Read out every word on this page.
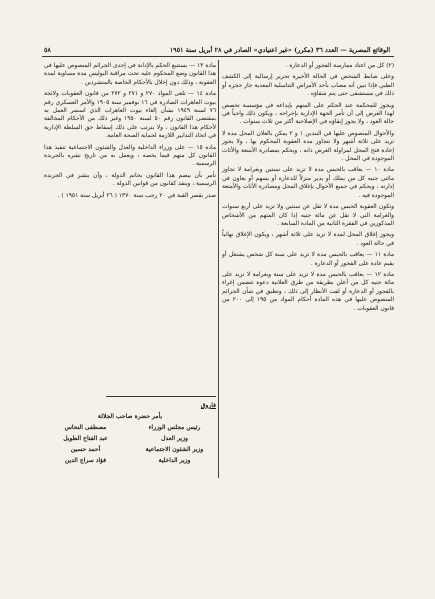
الوقائع المصرية — العدد ٣٦ (مكرر) «غير اعتيادي» الصادر في ٢٨ أبريل سنة ١٩٥١
٥٨

(٢) كل من اعتاد ممارسة الفجور أو الدعارة .

وعلى ضابط الشخص في الحالة الأخيرة تحرير إرسالية إلى الكشف الطبي فإذا تبين أنه مصاب بأحد الأمراض التناسلية المعدية جاز حجزه أو ذلك في مستشفى حتى يتم شفاؤه .

ويجوز للمحكمة عند الحكم على المتهم بإيداعه في مؤسسة تخصص لهذا الغرض إلى أن تأمر الجهة الإدارية بإخراجه ، ويكون ذلك واجباً في حالة العود ، ولا يجوز إبقاؤه في الإصلاحية أكثر من ثلاث سنوات .

والأحوال المنصوص عليها في البندين ١ و ٢ يمكن بالعلان المحل مدة لا تزيد على ثلاثة أشهر ولا تتجاوز مدة العقوبة المحكوم بها ، ولا يجوز إعادة فتح المحل لمزاولة الغرض ذاته ، ويحكم بمصادرة الأمتعة والأثاث الموجودة في المحل .

مادة ١٠ — يعاقب بالحبس مدة لا تزيد على سنتين وبغرامة لا تجاوز مائتي جنيه كل من يملك أو يدير منزلاً للدعارة أو يسهم أو يعاون في إدارته ، ويحكم في جميع الأحوال بإغلاق المحل ومصادرة الأثاث والأمتعة الموجودة فيه .

وتكون العقوبة الحبس مدة لا تقل عن سنتين ولا تزيد على أربع سنوات والغرامة التي لا تقل عن مائة جنيه إذا كان المتهم من الأشخاص المذكورين في الفقرة الثانية من المادة السابعة .

ويجوز إغلاق المحل لمدة لا تزيد على ثلاثة أشهر ، ويكون الإغلاق نهائياً في حالة العود .

مادة ١١ — يعاقب بالحبس مدة لا تزيد على سنة كل شخص يشتغل أو يقيم عادة على الفجور أو الدعارة .

مادة ١٢ — يعاقب بالحبس مدة لا تزيد على سنة وبغرامة لا تزيد على مائة جنيه كل من أعلن بطريقة من طرق العلانية دعوة تتضمن إغراء بالفجور أو الدعارة أو لفت الأنظار إلى ذلك ، وتطبق في شأن الجرائم المنصوص عليها في هذه المادة أحكام المواد من ١٩٥ إلى ٢٠٠ من قانون العقوبات .

مادة ١٣ — يستتبع الحكم بالإدانة في إحدى الجرائم المنصوص عليها في هذا القانون وضع المحكوم عليه تحت مراقبة البوليس مدة مساوية لمدة العقوبة ، وذلك دون إخلال بالأحكام الخاصة بالمتشردين .

مادة ١٤ — تلغى المواد ٢٧٠ و ٢٧١ و ٢٧٢ من قانون العقوبات ولائحة بيوت العاهرات الصادرة في ١٦ نوفمبر سنة ١٩٠٥ والأمر العسكري رقم ٧٦ لسنة ١٩٤٩ بشأن إلغاء بيوت العاهرات الذي استمر العمل به بمقتضى القانون رقم ٥٠ لسنة ١٩٥٠ وغير ذلك من الأحكام المخالفة لأحكام هذا القانون ، ولا يترتب على ذلك إسقاط حق السلطة الإدارية في اتخاذ التدابير اللازمة لحماية الصحة العامة.

مادة ١٥ — على وزراء الداخلية والعدل والشئون الاجتماعية تنفيذ هذا القانون كل منهم فيما يخصه ، ويعمل به من تاريخ نشره بالجريدة الرسمية .

نأمر بأن يبصم هذا القانون بخاتم الدولة ، وأن ينشر في الجريدة الرسمية ، وينفذ كقانون من قوانين الدولة .

صدر بقصر القبة في ٢٠ رجب سنة ١٣٧٠ ( ٢٦ أبريل سنة ١٩٥١ ) .

فاروق
بأمر حضرة صاحب الجلالة
رئيس مجلس الوزراء
مصطفى النحاس
وزير العدل
عبد الفتاح الطويل
وزير الشئون الاجتماعية
أحمد حسين
وزير الداخلية
فؤاد سراج الدين
